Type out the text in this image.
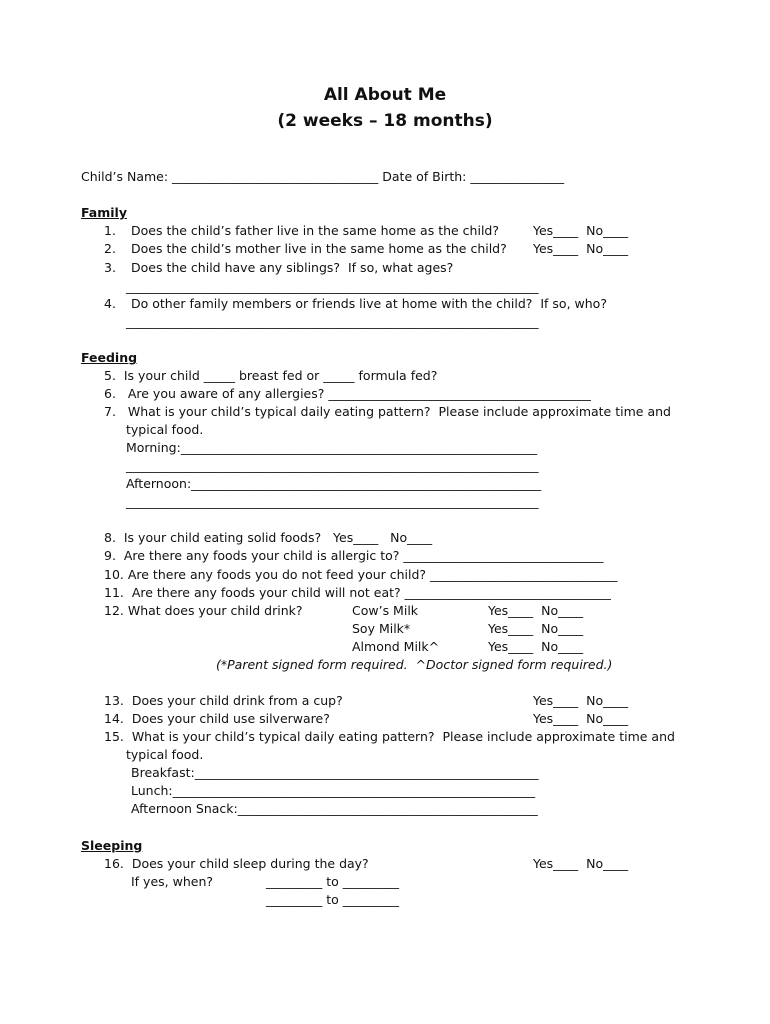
All About Me
(2 weeks – 18 months)
Child’s Name: _________________________________ Date of Birth: _______________
Family
1. Does the child’s father live in the same home as the child?	Yes____  No____
2. Does the child’s mother live in the same home as the child? Yes____  No____
3. Does the child have any siblings?  If so, what ages?
__________________________________________________________________
4. Do other family members or friends live at home with the child?  If so, who?
__________________________________________________________________
Feeding
5.  Is your child _____ breast fed or _____ formula fed?
6.   Are you aware of any allergies? __________________________________________
7.   What is your child’s typical daily eating pattern?  Please include approximate time and
typical food.
Morning:_________________________________________________________
__________________________________________________________________
Afternoon:________________________________________________________
__________________________________________________________________
8.  Is your child eating solid foods?   Yes____   No____
9.  Are there any foods your child is allergic to? ________________________________
10. Are there any foods you do not feed your child? ______________________________
11.  Are there any foods your child will not eat? _________________________________
12. What does your child drink?	Cow’s Milk	Yes____  No____
Soy Milk*	Yes____  No____
Almond Milk^	Yes____  No____
(*Parent signed form required.  ^Doctor signed form required.)
13.  Does your child drink from a cup?	Yes____  No____
14.  Does your child use silverware?	Yes____  No____
15.  What is your child’s typical daily eating pattern?  Please include approximate time and
typical food.
Breakfast:_______________________________________________________
Lunch:__________________________________________________________
Afternoon Snack:________________________________________________
Sleeping
16.  Does your child sleep during the day?	Yes____  No____
If yes, when?	_________ to _________
_________ to _________
